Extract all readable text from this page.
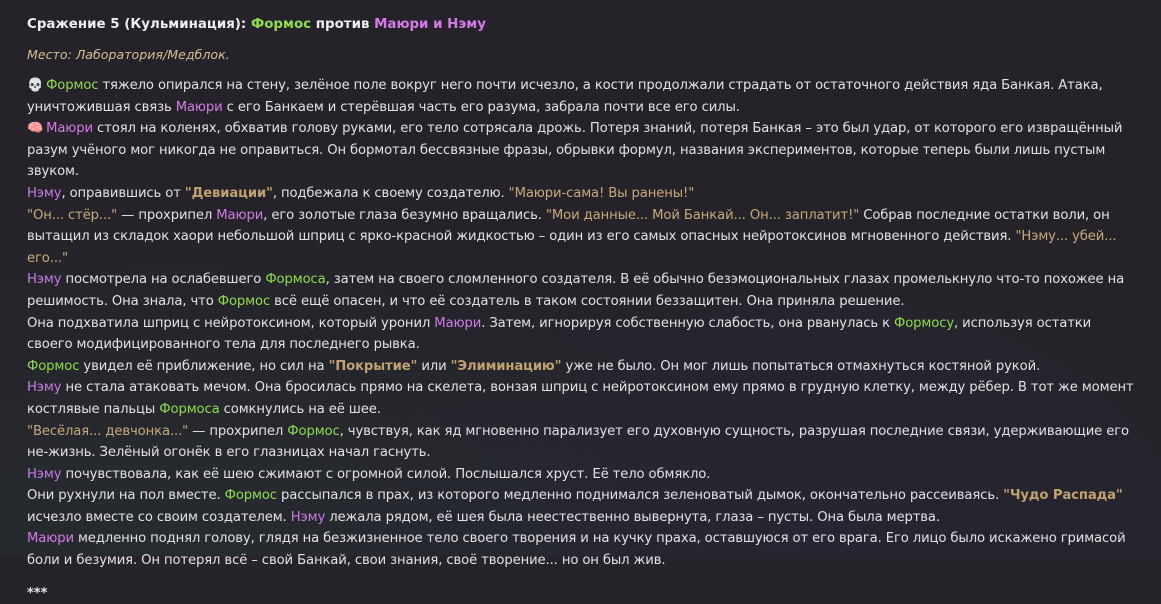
Сражение 5 (Кульминация): Формос против Маюри и Нэму

Место: Лаборатория/Медблок.

💀 Формос тяжело опирался на стену, зелёное поле вокруг него почти исчезло, а кости продолжали страдать от остаточного действия яда Банкая. Атака, уничтожившая связь Маюри с его Банкаем и стерёвшая часть его разума, забрала почти все его силы.

🧠 Маюри стоял на коленях, обхватив голову руками, его тело сотрясала дрожь. Потеря знаний, потеря Банкая – это был удар, от которого его извращённый разум учёного мог никогда не оправиться. Он бормотал бессвязные фразы, обрывки формул, названия экспериментов, которые теперь были лишь пустым звуком.

Нэму, оправившись от "Девиации", подбежала к своему создателю. "Маюри-сама! Вы ранены!"

"Он... стёр..." — прохрипел Маюри, его золотые глаза безумно вращались. "Мои данные... Мой Банкай... Он... заплатит!" Собрав последние остатки воли, он вытащил из складок хаори небольшой шприц с ярко-красной жидкостью – один из его самых опасных нейротоксинов мгновенного действия. "Нэму... убей... его..."

Нэму посмотрела на ослабевшего Формоса, затем на своего сломленного создателя. В её обычно безэмоциональных глазах промелькнуло что-то похожее на решимость. Она знала, что Формос всё ещё опасен, и что её создатель в таком состоянии беззащитен. Она приняла решение.

Она подхватила шприц с нейротоксином, который уронил Маюри. Затем, игнорируя собственную слабость, она рванулась к Формосу, используя остатки своего модифицированного тела для последнего рывка.

Формос увидел её приближение, но сил на "Покрытие" или "Элиминацию" уже не было. Он мог лишь попытаться отмахнуться костяной рукой.

Нэму не стала атаковать мечом. Она бросилась прямо на скелета, вонзая шприц с нейротоксином ему прямо в грудную клетку, между рёбер. В тот же момент костлявые пальцы Формоса сомкнулись на её шее.

"Весёлая... девчонка..." — прохрипел Формос, чувствуя, как яд мгновенно парализует его духовную сущность, разрушая последние связи, удерживающие его не-жизнь. Зелёный огонёк в его глазницах начал гаснуть.

Нэму почувствовала, как её шею сжимают с огромной силой. Послышался хруст. Её тело обмякло.

Они рухнули на пол вместе. Формос рассыпался в прах, из которого медленно поднимался зеленоватый дымок, окончательно рассеиваясь. "Чудо Распада" исчезло вместе со своим создателем. Нэму лежала рядом, её шея была неестественно вывернута, глаза – пусты. Она была мертва.

Маюри медленно поднял голову, глядя на безжизненное тело своего творения и на кучку праха, оставшуюся от его врага. Его лицо было искажено гримасой боли и безумия. Он потерял всё – свой Банкай, свои знания, своё творение... но он был жив.

***
